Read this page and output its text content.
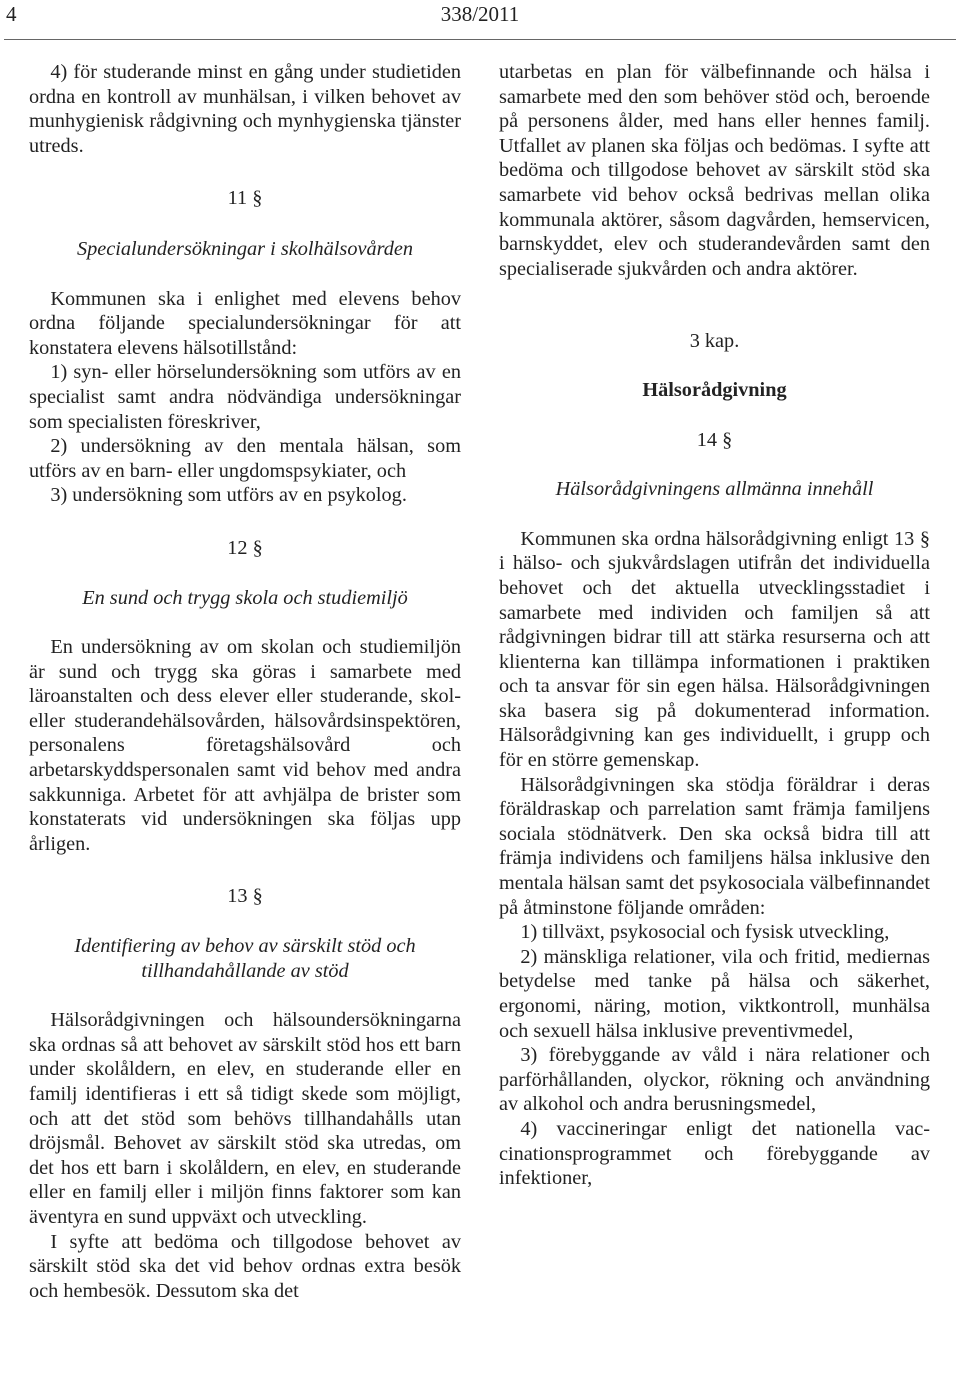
4	338/2011

4) för studerande minst en gång under studietiden ordna en kontroll av munhälsan, i vilken behovet av munhygienisk rådgivning och mynhygienska tjänster utreds.

11 §
Specialundersökningar i skolhälsovården

Kommunen ska i enlighet med elevens behov ordna följande specialundersökningar för att konstatera elevens hälsotillstånd:

1) syn- eller hörselundersökning som utförs av en specialist samt andra nödvändiga undersökningar som specialisten föreskriver,

2) undersökning av den mentala hälsan, som utförs av en barn- eller ungdomspsykiater, och

3) undersökning som utförs av en psykolog.

12 §
En sund och trygg skola och studiemiljö

En undersökning av om skolan och studiemiljön är sund och trygg ska göras i samarbete med läroanstalten och dess elever eller studerande, skol- eller studerandehälsovården, hälsovårdsinspektören, personalens företagshälsovård och arbetarskyddspersonalen samt vid behov med andra sakkunniga. Arbetet för att avhjälpa de brister som konstaterats vid undersökningen ska följas upp årligen.

13 §
Identifiering av behov av särskilt stöd och tillhandahållande av stöd

Hälsorådgivningen och hälsoundersökningarna ska ordnas så att behovet av särskilt stöd hos ett barn under skolåldern, en elev, en studerande eller en familj identifieras i ett så tidigt skede som möjligt, och att det stöd som behövs tillhandahålls utan dröjsmål. Behovet av särskilt stöd ska utredas, om det hos ett barn i skolåldern, en elev, en studerande eller en familj eller i miljön finns faktorer som kan äventyra en sund uppväxt och utveckling.

I syfte att bedöma och tillgodose behovet av särskilt stöd ska det vid behov ordnas extra besök och hembesök. Dessutom ska det

utarbetas en plan för välbefinnande och hälsa i samarbete med den som behöver stöd och, beroende på personens ålder, med hans eller hennes familj. Utfallet av planen ska följas och bedömas. I syfte att bedöma och tillgodose behovet av särskilt stöd ska samarbete vid behov också bedrivas mellan olika kommunala aktörer, såsom dagvården, hemservicen, barnskyddet, elev och studerandevården samt den specialiserade sjukvården och andra aktörer.

3 kap.
Hälsorådgivning
14 §
Hälsorådgivningens allmänna innehåll

Kommunen ska ordna hälsorådgivning enligt 13 § i hälso- och sjukvårdslagen utifrån det individuella behovet och det aktuella utvecklingsstadiet i samarbete med individen och familjen så att rådgivningen bidrar till att stärka resurserna och att klienterna kan tillämpa informationen i praktiken och ta ansvar för sin egen hälsa. Hälsorådgivningen ska basera sig på dokumenterad information. Hälsorådgivning kan ges individuellt, i grupp och för en större gemenskap.

Hälsorådgivningen ska stödja föräldrar i deras föräldraskap och parrelation samt främja familjens sociala stödnätverk. Den ska också bidra till att främja individens och familjens hälsa inklusive den mentala hälsan samt det psykosociala välbefinnandet på åtminstone följande områden:

1) tillväxt, psykosocial och fysisk utveckling,

2) mänskliga relationer, vila och fritid, mediernas betydelse med tanke på hälsa och säkerhet, ergonomi, näring, motion, viktkontroll, munhälsa och sexuell hälsa inklusive preventivmedel,

3) förebyggande av våld i nära relationer och parförhållanden, olyckor, rökning och användning av alkohol och andra berusningsmedel,

4) vaccineringar enligt det nationella vaccinationsprogrammet och förebyggande av infektioner,
